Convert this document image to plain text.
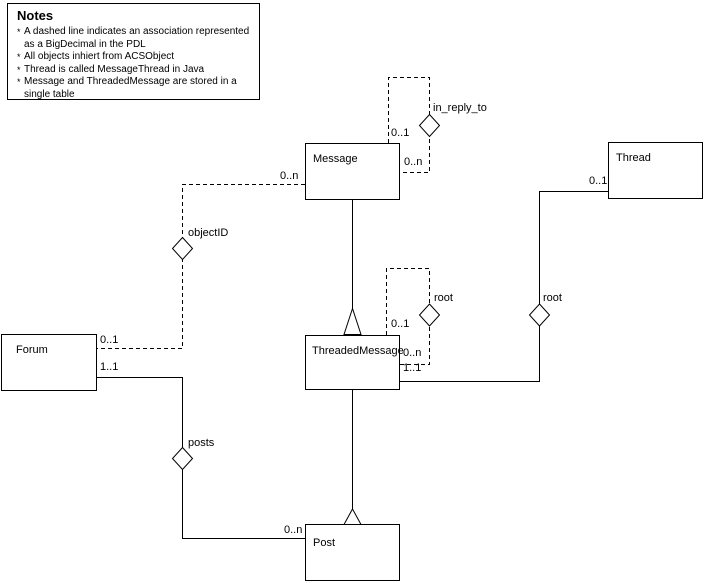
Notes
* A dashed line indicates an association represented
as a BigDecimal in the PDL
* All objects inhiert from ACSObject
* Thread is called MessageThread in Java
* Message and ThreadedMessage are stored in a
single table
Message
ThreadedMessage
Thread
Forum
Post
in_reply_to
objectID
root	root
posts
0..1
0..n
0..n
0..1
0..1
0..n
1..1
0..1
1..1
0..n
